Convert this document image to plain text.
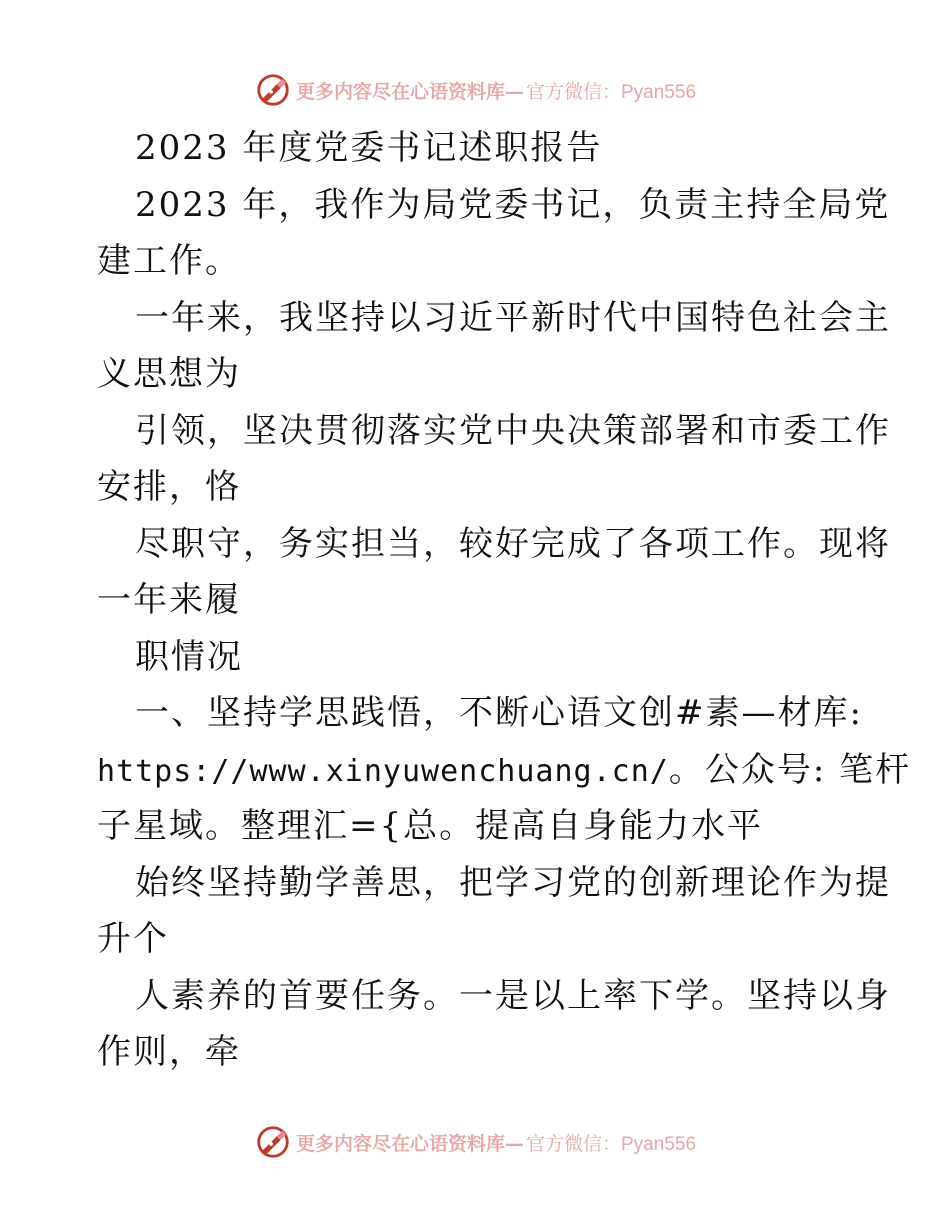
更多内容尽在心语资料库— 官方微信：Pyan556
2023 年度党委书记述职报告
2023 年，我作为局党委书记，负责主持全局党
建工作。
一年来，我坚持以习近平新时代中国特色社会主
义思想为
引领，坚决贯彻落实党中央决策部署和市委工作
安排，恪
尽职守，务实担当，较好完成了各项工作。现将
一年来履
职情况
一、坚持学思践悟，不断心语文创#素—材库:
https://www.xinyuwenchuang.cn/。公众号: 笔杆
子星域。整理汇={总。提高自身能力水平
始终坚持勤学善思，把学习党的创新理论作为提
升个
人素养的首要任务。一是以上率下学。坚持以身
作则，牵
更多内容尽在心语资料库— 官方微信：Pyan556
